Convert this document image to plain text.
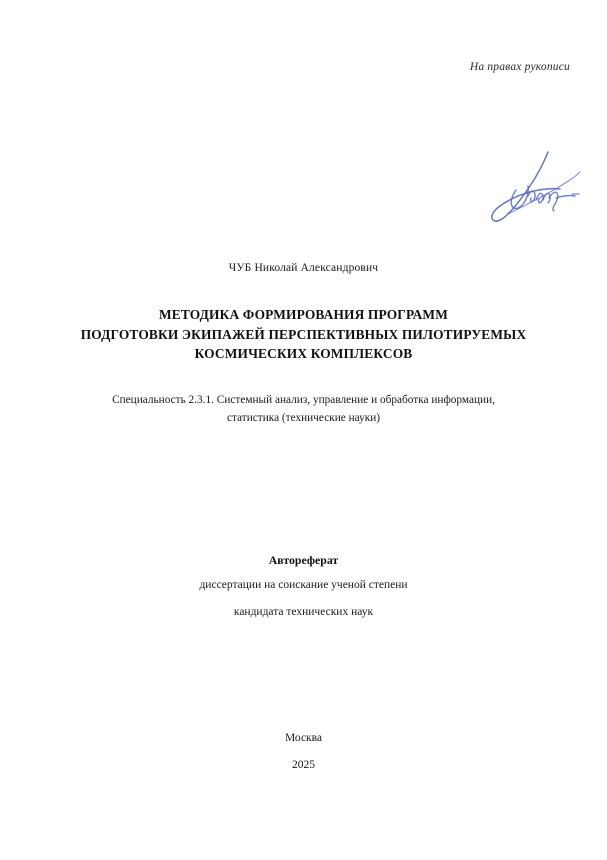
На правах рукописи
ЧУБ Николай Александрович
МЕТОДИКА ФОРМИРОВАНИЯ ПРОГРАММ
ПОДГОТОВКИ ЭКИПАЖЕЙ ПЕРСПЕКТИВНЫХ ПИЛОТИРУЕМЫХ
КОСМИЧЕСКИХ КОМПЛЕКСОВ
Специальность 2.3.1. Системный анализ, управление и обработка информации,
статистика (технические науки)
Автореферат
диссертации на соискание ученой степени
кандидата технических наук
Москва
2025
